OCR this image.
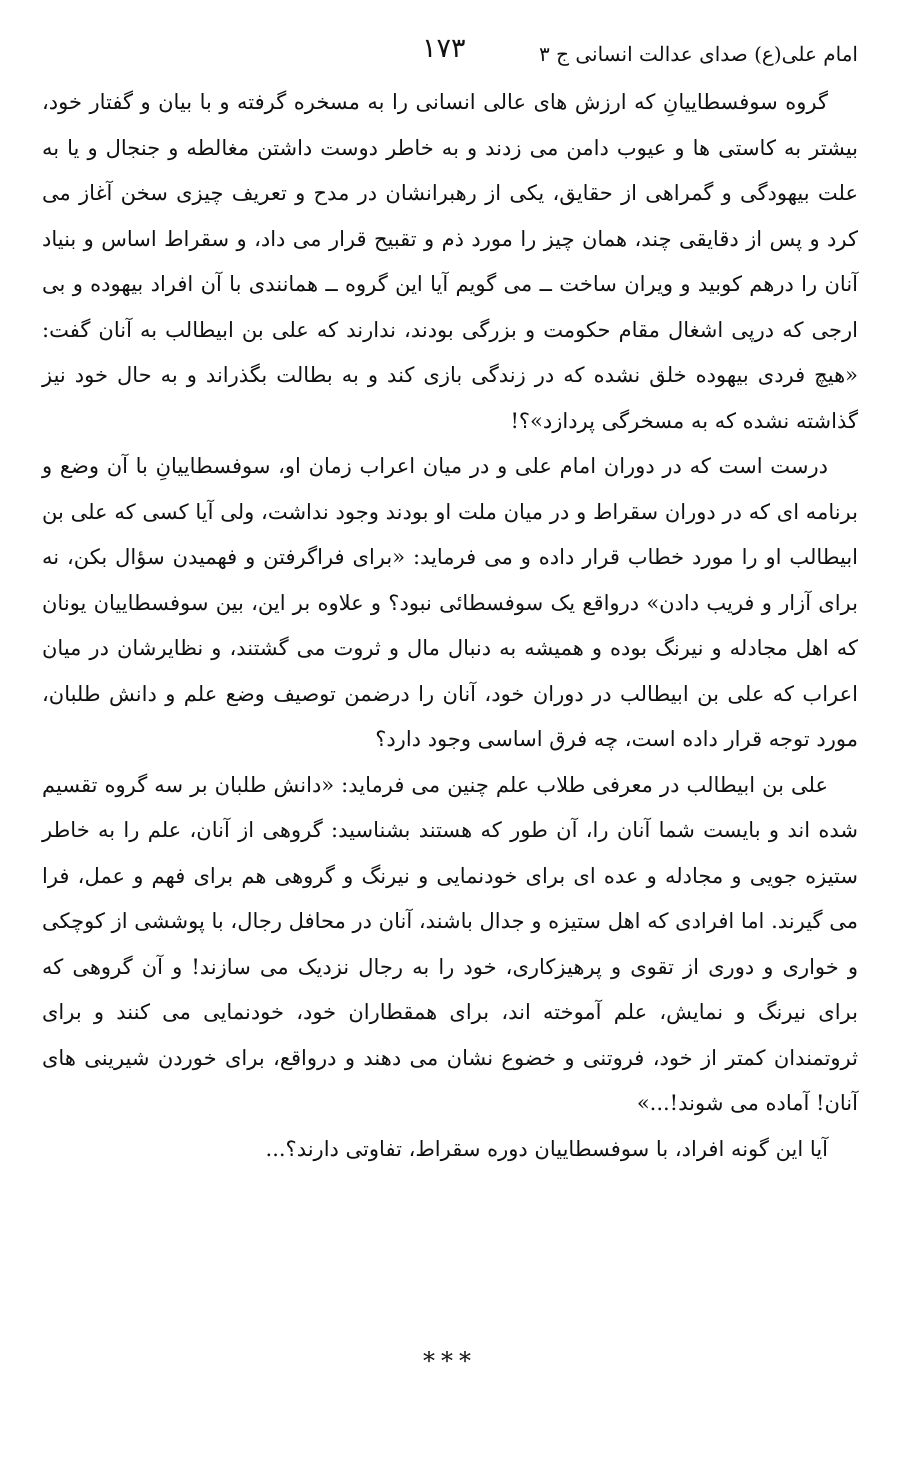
امام علی(ع) صدای عدالت انسانی ج ۳
۱۷۳

گروه سوفسطاییانِ که ارزش های عالی انسانی را به مسخره گرفته و با بیان و گفتار خود، بیشتر به کاستی ها و عیوب دامن می زدند و به خاطر دوست داشتن مغالطه و جنجال و یا به علت بیهودگی و گمراهی از حقایق، یکی از رهبرانشان در مدح و تعریف چیزی سخن آغاز می کرد و پس از دقایقی چند، همان چیز را مورد ذم و تقبیح قرار می داد، و سقراط اساس و بنیاد آنان را درهم کوبید و ویران ساخت ــ می گویم آیا این گروه ــ همانندی با آن افراد بیهوده و بی ارجی که درپی اشغال مقام حکومت و بزرگی بودند، ندارند که علی بن ابیطالب به آنان گفت: «هیچ فردی بیهوده خلق نشده که در زندگی بازی کند و به بطالت بگذراند و به حال خود نیز گذاشته نشده که به مسخرگی پردازد»؟!

درست است که در دوران امام علی و در میان اعراب زمان او، سوفسطاییانِ با آن وضع و برنامه ای که در دوران سقراط و در میان ملت او بودند وجود نداشت، ولی آیا کسی که علی بن ابیطالب او را مورد خطاب قرار داده و می فرماید: «برای فراگرفتن و فهمیدن سؤال بکن، نه برای آزار و فریب دادن» درواقع یک سوفسطائی نبود؟ و علاوه بر این، بین سوفسطاییان یونان که اهل مجادله و نیرنگ بوده و همیشه به دنبال مال و ثروت می گشتند، و نظایرشان در میان اعراب که علی بن ابیطالب در دوران خود، آنان را درضمن توصیف وضع علم و دانش طلبان، مورد توجه قرار داده است، چه فرق اساسی وجود دارد؟

علی بن ابیطالب در معرفی طلاب علم چنین می فرماید: «دانش طلبان بر سه گروه تقسیم شده اند و بایست شما آنان را، آن طور که هستند بشناسید: گروهی از آنان، علم را به خاطر ستیزه جویی و مجادله و عده ای برای خودنمایی و نیرنگ و گروهی هم برای فهم و عمل، فرا می گیرند. اما افرادی که اهل ستیزه و جدال باشند، آنان در محافل رجال، با پوششی از کوچکی و خواری و دوری از تقوی و پرهیزکاری، خود را به رجال نزدیک می سازند! و آن گروهی که برای نیرنگ و نمایش، علم آموخته اند، برای همقطاران خود، خودنمایی می کنند و برای ثروتمندان کمتر از خود، فروتنی و خضوع نشان می دهند و درواقع، برای خوردن شیرینی های آنان! آماده می شوند!...»

آیا این گونه افراد، با سوفسطاییان دوره سقراط، تفاوتی دارند؟...

***
